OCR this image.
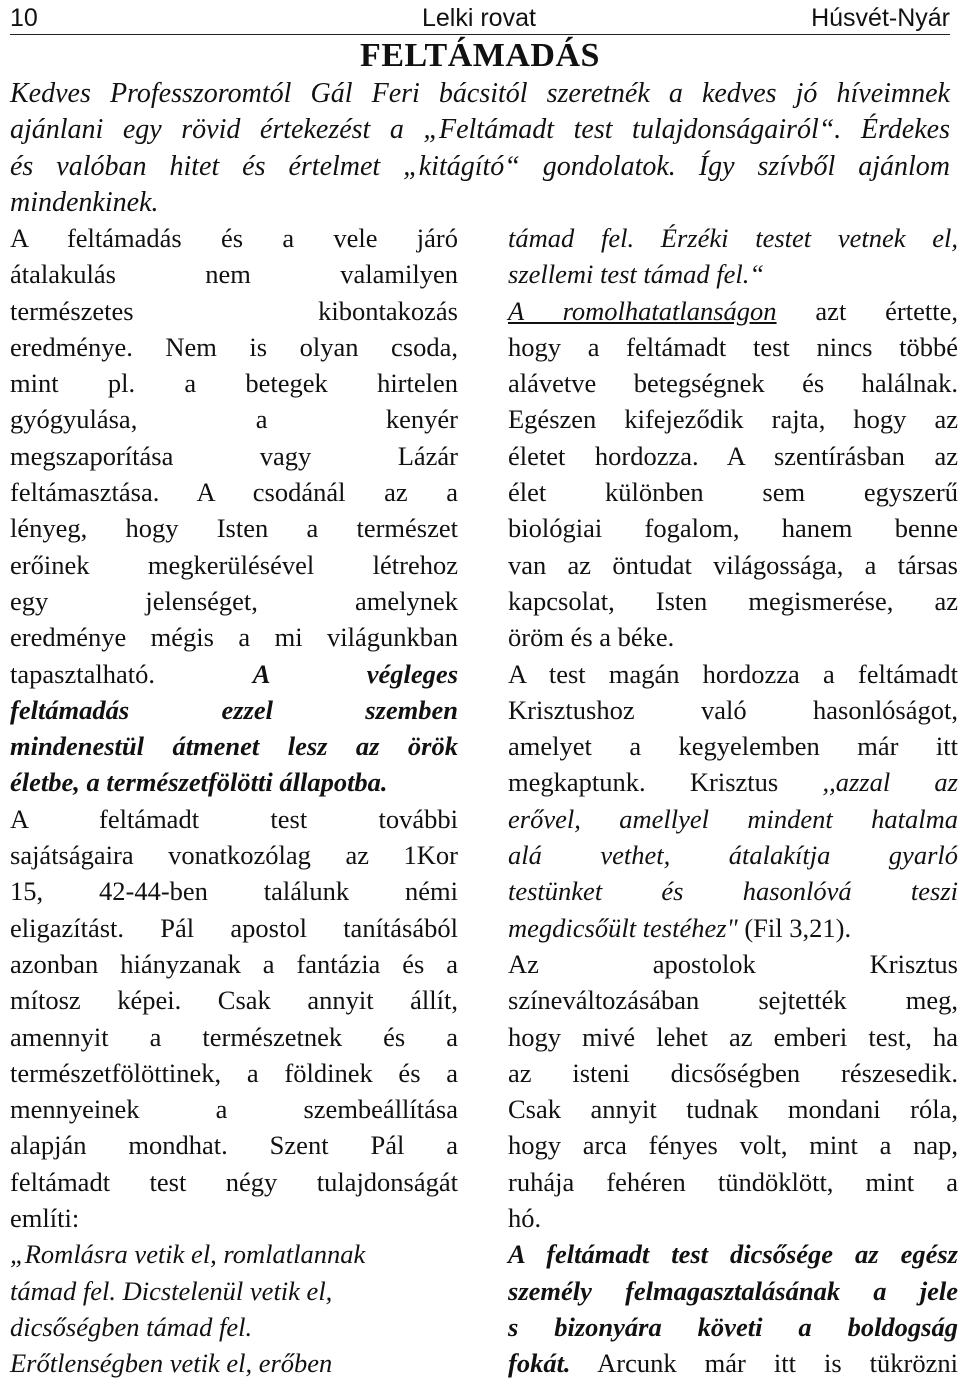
10	Lelki rovat	Húsvét-Nyár
FELTÁMADÁS
Kedves Professzoromtól Gál Feri bácsitól szeretnék a kedves jó híveimnek
ajánlani egy rövid értekezést a „Feltámadt test tulajdonságairól“. Érdekes
és valóban hitet és értelmet „kitágító“ gondolatok. Így szívből ajánlom
mindenkinek.
A feltámadás és a vele járó
átalakulás nem valamilyen
természetes kibontakozás
eredménye. Nem is olyan csoda,
mint pl. a betegek hirtelen
gyógyulása, a kenyér
megszaporítása vagy Lázár
feltámasztása. A csodánál az a
lényeg, hogy Isten a természet
erőinek megkerülésével létrehoz
egy jelenséget, amelynek
eredménye mégis a mi világunkban
tapasztalható.	A végleges
feltámadás ezzel szemben
mindenestül átmenet lesz az örök
életbe, a természetfölötti állapotba.
A feltámadt test további
sajátságaira vonatkozólag az 1Kor
15, 42-44-ben találunk némi
eligazítást. Pál apostol tanításából
azonban hiányzanak a fantázia és a
mítosz képei. Csak annyit állít,
amennyit a természetnek és a
természetfölöttinek, a földinek és a
mennyeinek a szembeállítása
alapján mondhat. Szent Pál a
feltámadt test négy tulajdonságát
említi:
„Romlásra vetik el, romlatlannak
támad fel. Dicstelenül vetik el,
dicsőségben támad fel.
Erőtlenségben vetik el, erőben
támad fel. Érzéki testet vetnek el,
szellemi test támad fel.“
A romolhatatlanságon azt értette,
hogy a feltámadt test nincs többé
alávetve betegségnek és halálnak.
Egészen kifejeződik rajta, hogy az
életet hordozza. A szentírásban az
élet különben sem egyszerű
biológiai fogalom, hanem benne
van az öntudat világossága, a társas
kapcsolat, Isten megismerése, az
öröm és a béke.
A test magán hordozza a feltámadt
Krisztushoz való hasonlóságot,
amelyet a kegyelemben már itt
megkaptunk. Krisztus ,,azzal az
erővel, amellyel mindent hatalma
alá vethet, átalakítja gyarló
testünket és hasonlóvá teszi
megdicsőült testéhez" (Fil 3,21).
Az apostolok Krisztus
színeváltozásában sejtették meg,
hogy mivé lehet az emberi test, ha
az isteni dicsőségben részesedik.
Csak annyit tudnak mondani róla,
hogy arca fényes volt, mint a nap,
ruhája fehéren tündöklött, mint a
hó.
A feltámadt test dicsősége az egész
személy felmagasztalásának a jele
s bizonyára követi a boldogság
fokát. Arcunk már itt is tükrözni
